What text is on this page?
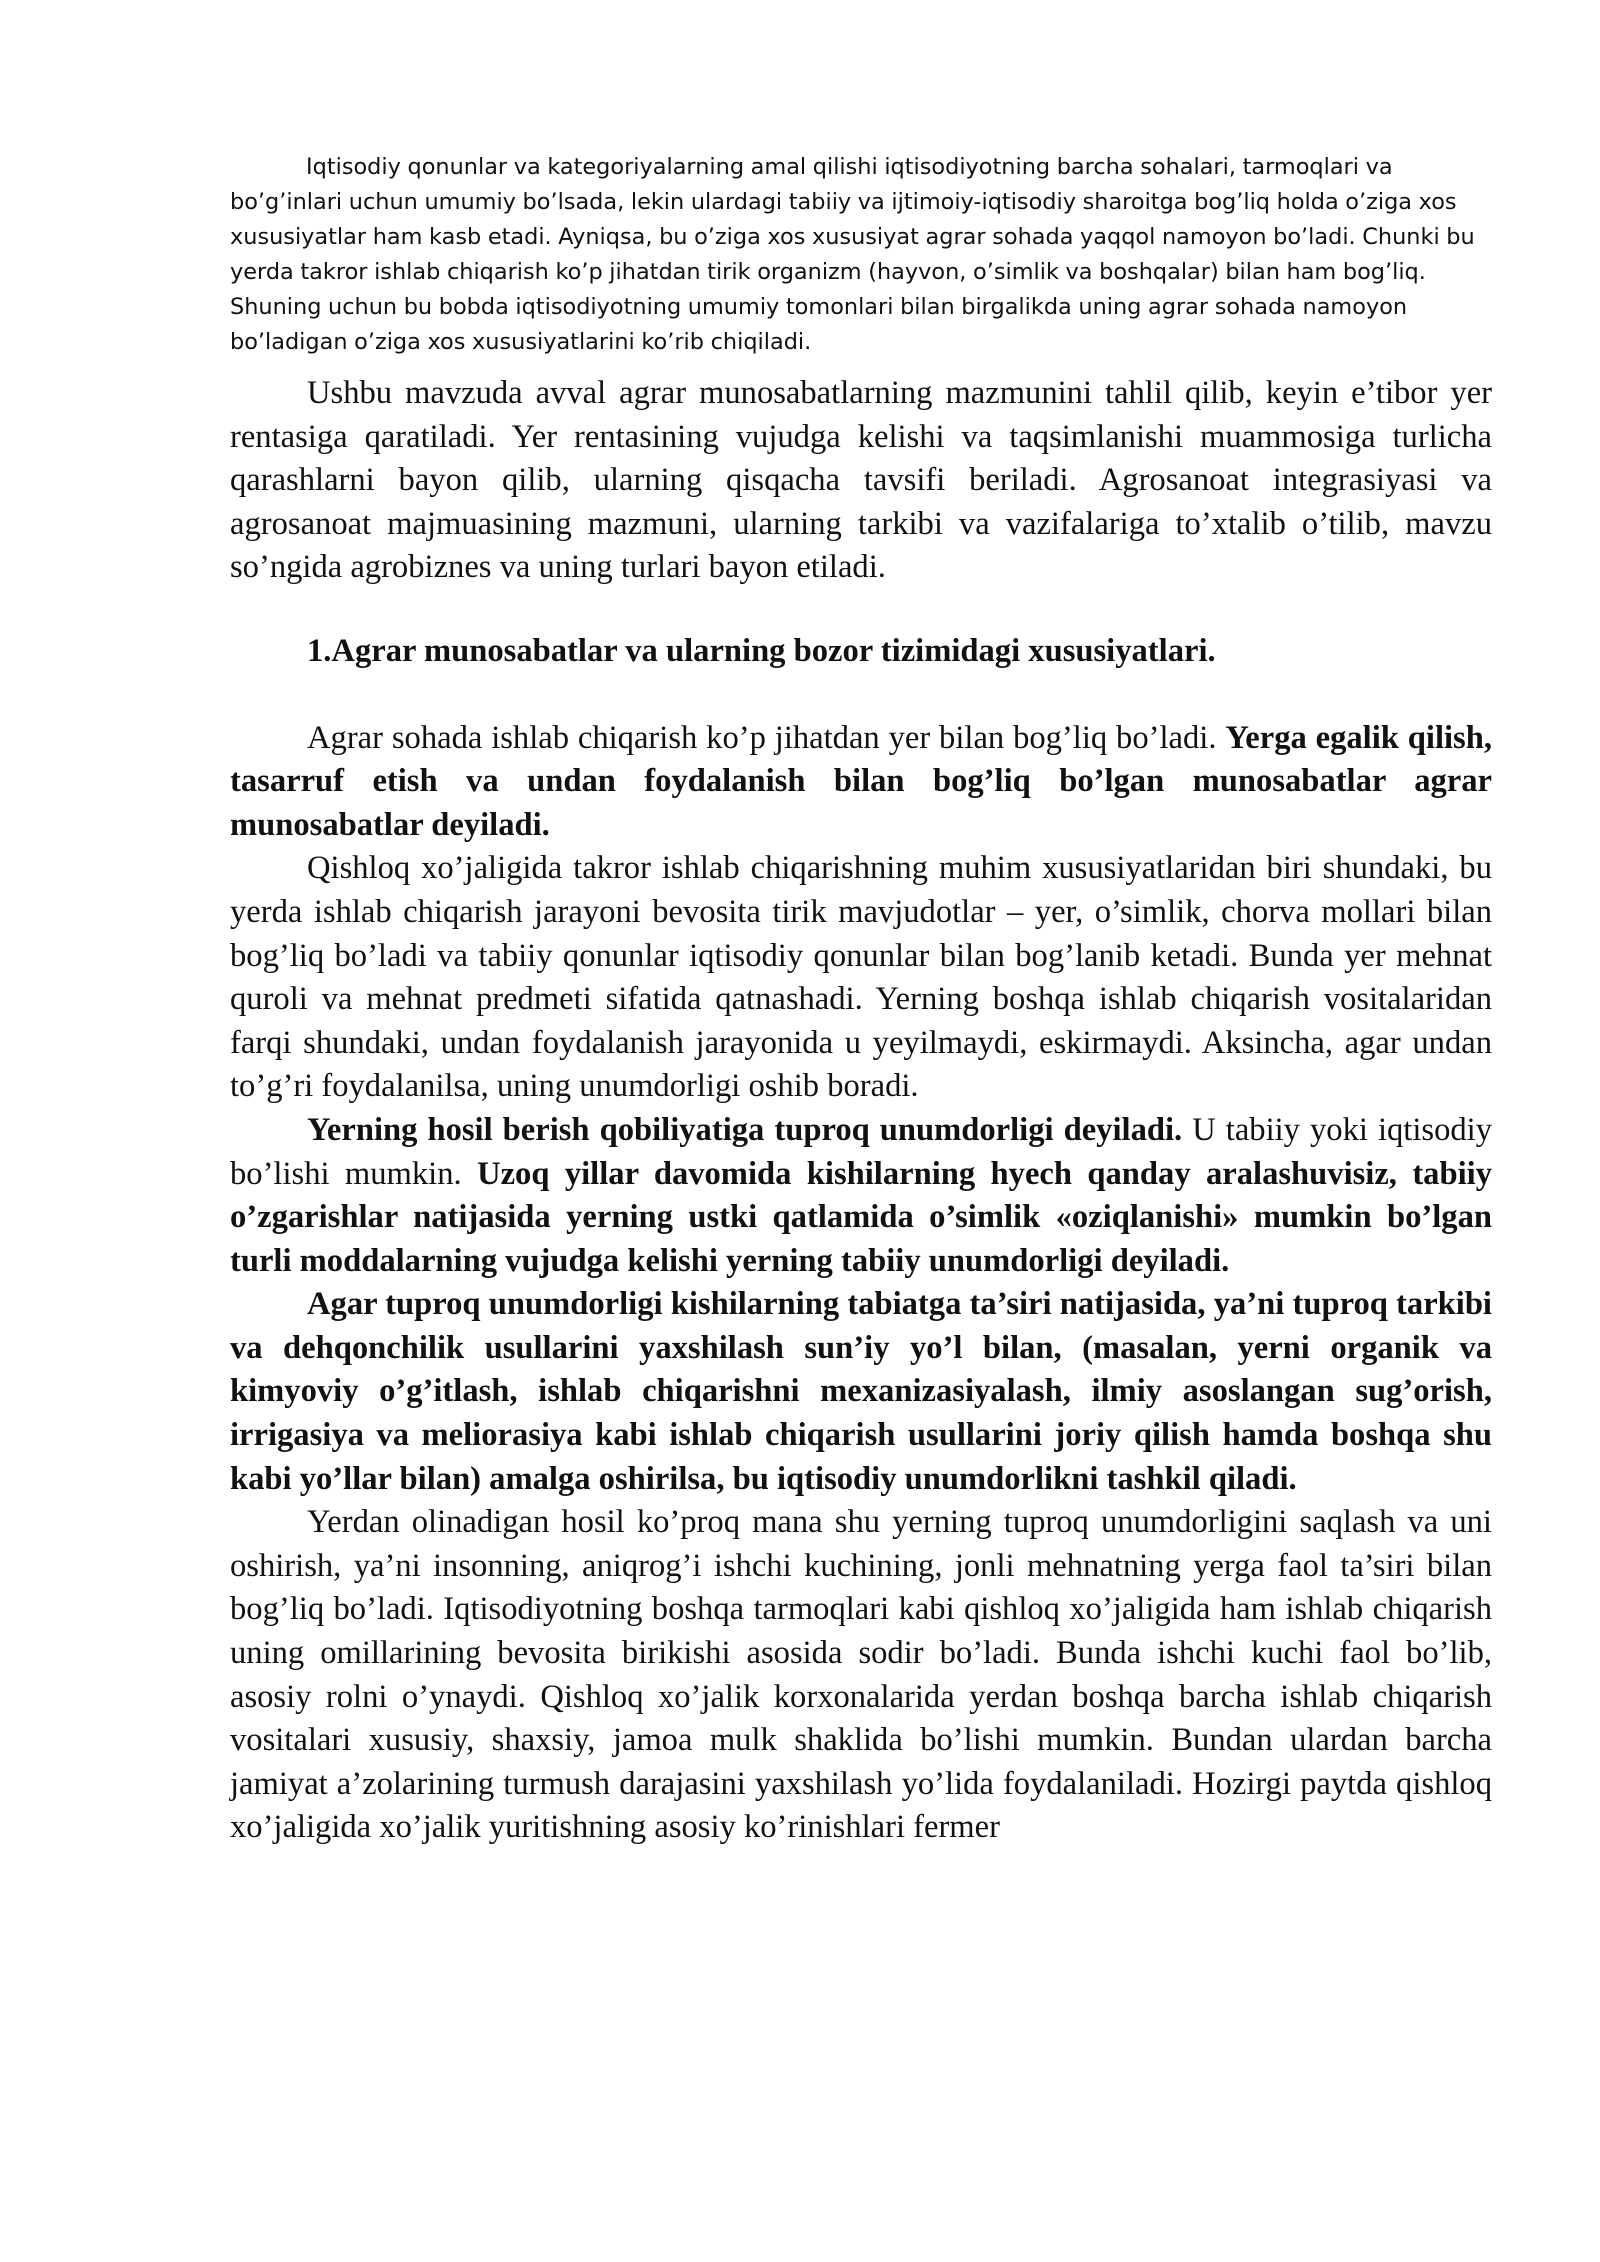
Iqtisodiy qonunlar va kategoriyalarning amal qilishi iqtisodiyotning barcha sohalari, tarmoqlari va bo’g’inlari uchun umumiy bo’lsada, lekin ulardagi tabiiy va ijtimoiy-iqtisodiy sharoitga bog’liq holda o’ziga xos xususiyatlar ham kasb etadi. Ayniqsa, bu o’ziga xos xususiyat agrar sohada yaqqol namoyon bo’ladi. Chunki bu yerda takror ishlab chiqarish ko’p jihatdan tirik organizm (hayvon, o’simlik va boshqalar) bilan ham bog’liq. Shuning uchun bu bobda iqtisodiyotning umumiy tomonlari bilan birgalikda uning agrar sohada namoyon bo’ladigan o’ziga xos xususiyatlarini ko’rib chiqiladi.

Ushbu mavzuda avval agrar munosabatlarning mazmunini tahlil qilib, keyin e’tibor yer rentasiga qaratiladi. Yer rentasining vujudga kelishi va taqsimlanishi muammosiga turlicha qarashlarni bayon qilib, ularning qisqacha tavsifi beriladi. Agrosanoat integrasiyasi va agrosanoat majmuasining mazmuni, ularning tarkibi va vazifalariga to’xtalib o’tilib, mavzu so’ngida agrobiznes va uning turlari bayon etiladi.

1.Agrar munosabatlar va ularning bozor tizimidagi xususiyatlari.

Agrar sohada ishlab chiqarish ko’p jihatdan yer bilan bog’liq bo’ladi. Yerga egalik qilish, tasarruf etish va undan foydalanish bilan bog’liq bo’lgan munosabatlar agrar munosabatlar deyiladi.

Qishloq xo’jaligida takror ishlab chiqarishning muhim xususiyatlaridan biri shundaki, bu yerda ishlab chiqarish jarayoni bevosita tirik mavjudotlar – yer, o’simlik, chorva mollari bilan bog’liq bo’ladi va tabiiy qonunlar iqtisodiy qonunlar bilan bog’lanib ketadi. Bunda yer mehnat quroli va mehnat predmeti sifatida qatnashadi. Yerning boshqa ishlab chiqarish vositalaridan farqi shundaki, undan foydalanish jarayonida u yeyilmaydi, eskirmaydi. Aksincha, agar undan to’g’ri foydalanilsa, uning unumdorligi oshib boradi.

Yerning hosil berish qobiliyatiga tuproq unumdorligi deyiladi. U tabiiy yoki iqtisodiy bo’lishi mumkin. Uzoq yillar davomida kishilarning hyech qanday aralashuvisiz, tabiiy o’zgarishlar natijasida yerning ustki qatlamida o’simlik «oziqlanishi» mumkin bo’lgan turli moddalarning vujudga kelishi yerning tabiiy unumdorligi deyiladi.

Agar tuproq unumdorligi kishilarning tabiatga ta’siri natijasida, ya’ni tuproq tarkibi va dehqonchilik usullarini yaxshilash sun’iy yo’l bilan, (masalan, yerni organik va kimyoviy o’g’itlash, ishlab chiqarishni mexanizasiyalash, ilmiy asoslangan sug’orish, irrigasiya va meliorasiya kabi ishlab chiqarish usullarini joriy qilish hamda boshqa shu kabi yo’llar bilan) amalga oshirilsa, bu iqtisodiy unumdorlikni tashkil qiladi.

Yerdan olinadigan hosil ko’proq mana shu yerning tuproq unumdorligini saqlash va uni oshirish, ya’ni insonning, aniqrog’i ishchi kuchining, jonli mehnatning yerga faol ta’siri bilan bog’liq bo’ladi. Iqtisodiyotning boshqa tarmoqlari kabi qishloq xo’jaligida ham ishlab chiqarish uning omillarining bevosita birikishi asosida sodir bo’ladi. Bunda ishchi kuchi faol bo’lib, asosiy rolni o’ynaydi. Qishloq xo’jalik korxonalarida yerdan boshqa barcha ishlab chiqarish vositalari xususiy, shaxsiy, jamoa mulk shaklida bo’lishi mumkin. Bundan ulardan barcha jamiyat a’zolarining turmush darajasini yaxshilash yo’lida foydalaniladi. Hozirgi paytda qishloq xo’jaligida xo’jalik yuritishning asosiy ko’rinishlari fermer
